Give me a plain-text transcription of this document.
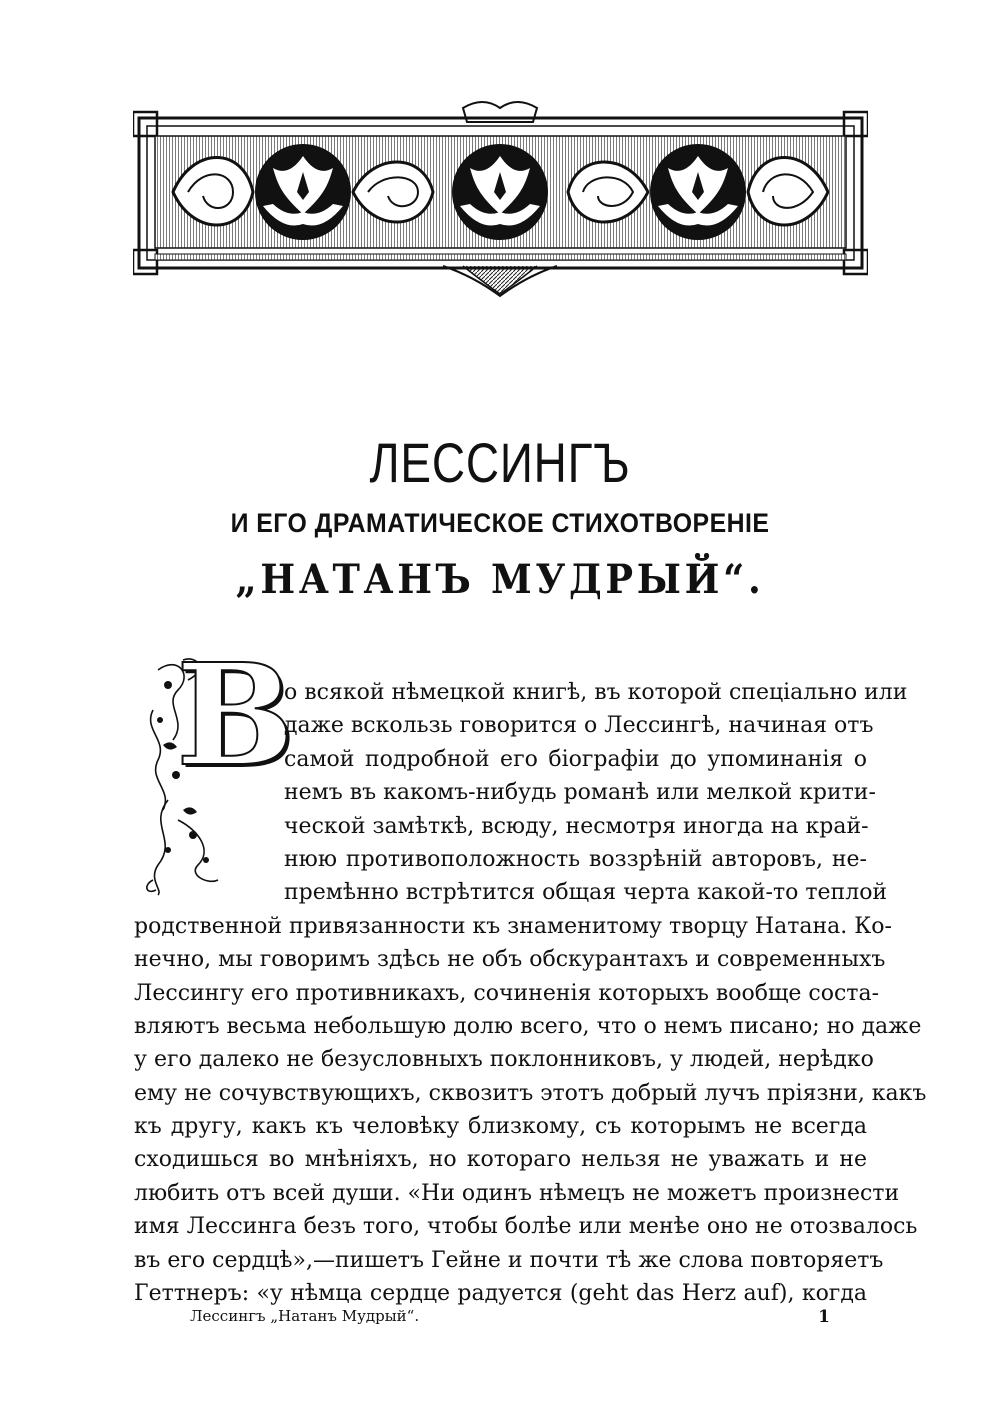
ЛЕССИНГЪ
И ЕГО ДРАМАТИЧЕСКОЕ СТИХОТВОРЕНІЕ
„НАТАНЪ МУДРЫЙ“.
В
о всякой нѣмецкой книгѣ, въ которой спеціально или
даже вскользь говорится о Лессингѣ, начиная отъ
самой подробной его біографіи до упоминанія о
немъ въ какомъ-нибудь романѣ или мелкой крити-
ческой замѣткѣ, всюду, несмотря иногда на край-
нюю противоположность воззрѣній авторовъ, не-
премѣнно встрѣтится общая черта какой-то теплой
родственной привязанности къ знаменитому творцу Натана. Ко-
нечно, мы говоримъ здѣсь не объ обскурантахъ и современныхъ
Лессингу его противникахъ, сочиненія которыхъ вообще соста-
вляютъ весьма небольшую долю всего, что о немъ писано; но даже
у его далеко не безусловныхъ поклонниковъ, у людей, нерѣдко
ему не сочувствующихъ, сквозитъ этотъ добрый лучъ пріязни, какъ
къ другу, какъ къ человѣку близкому, съ которымъ не всегда
сходишься во мнѣніяхъ, но котораго нельзя не уважать и не
любить отъ всей души. «Ни одинъ нѣмецъ не можетъ произнести
имя Лессинга безъ того, чтобы болѣе или менѣе оно не отозвалось
въ его сердцѣ»,—пишетъ Гейне и почти тѣ же слова повторяетъ
Геттнеръ: «у нѣмца сердце радуется (geht das Herz auf), когда
Лессингъ „Натанъ Мудрый“.	1
